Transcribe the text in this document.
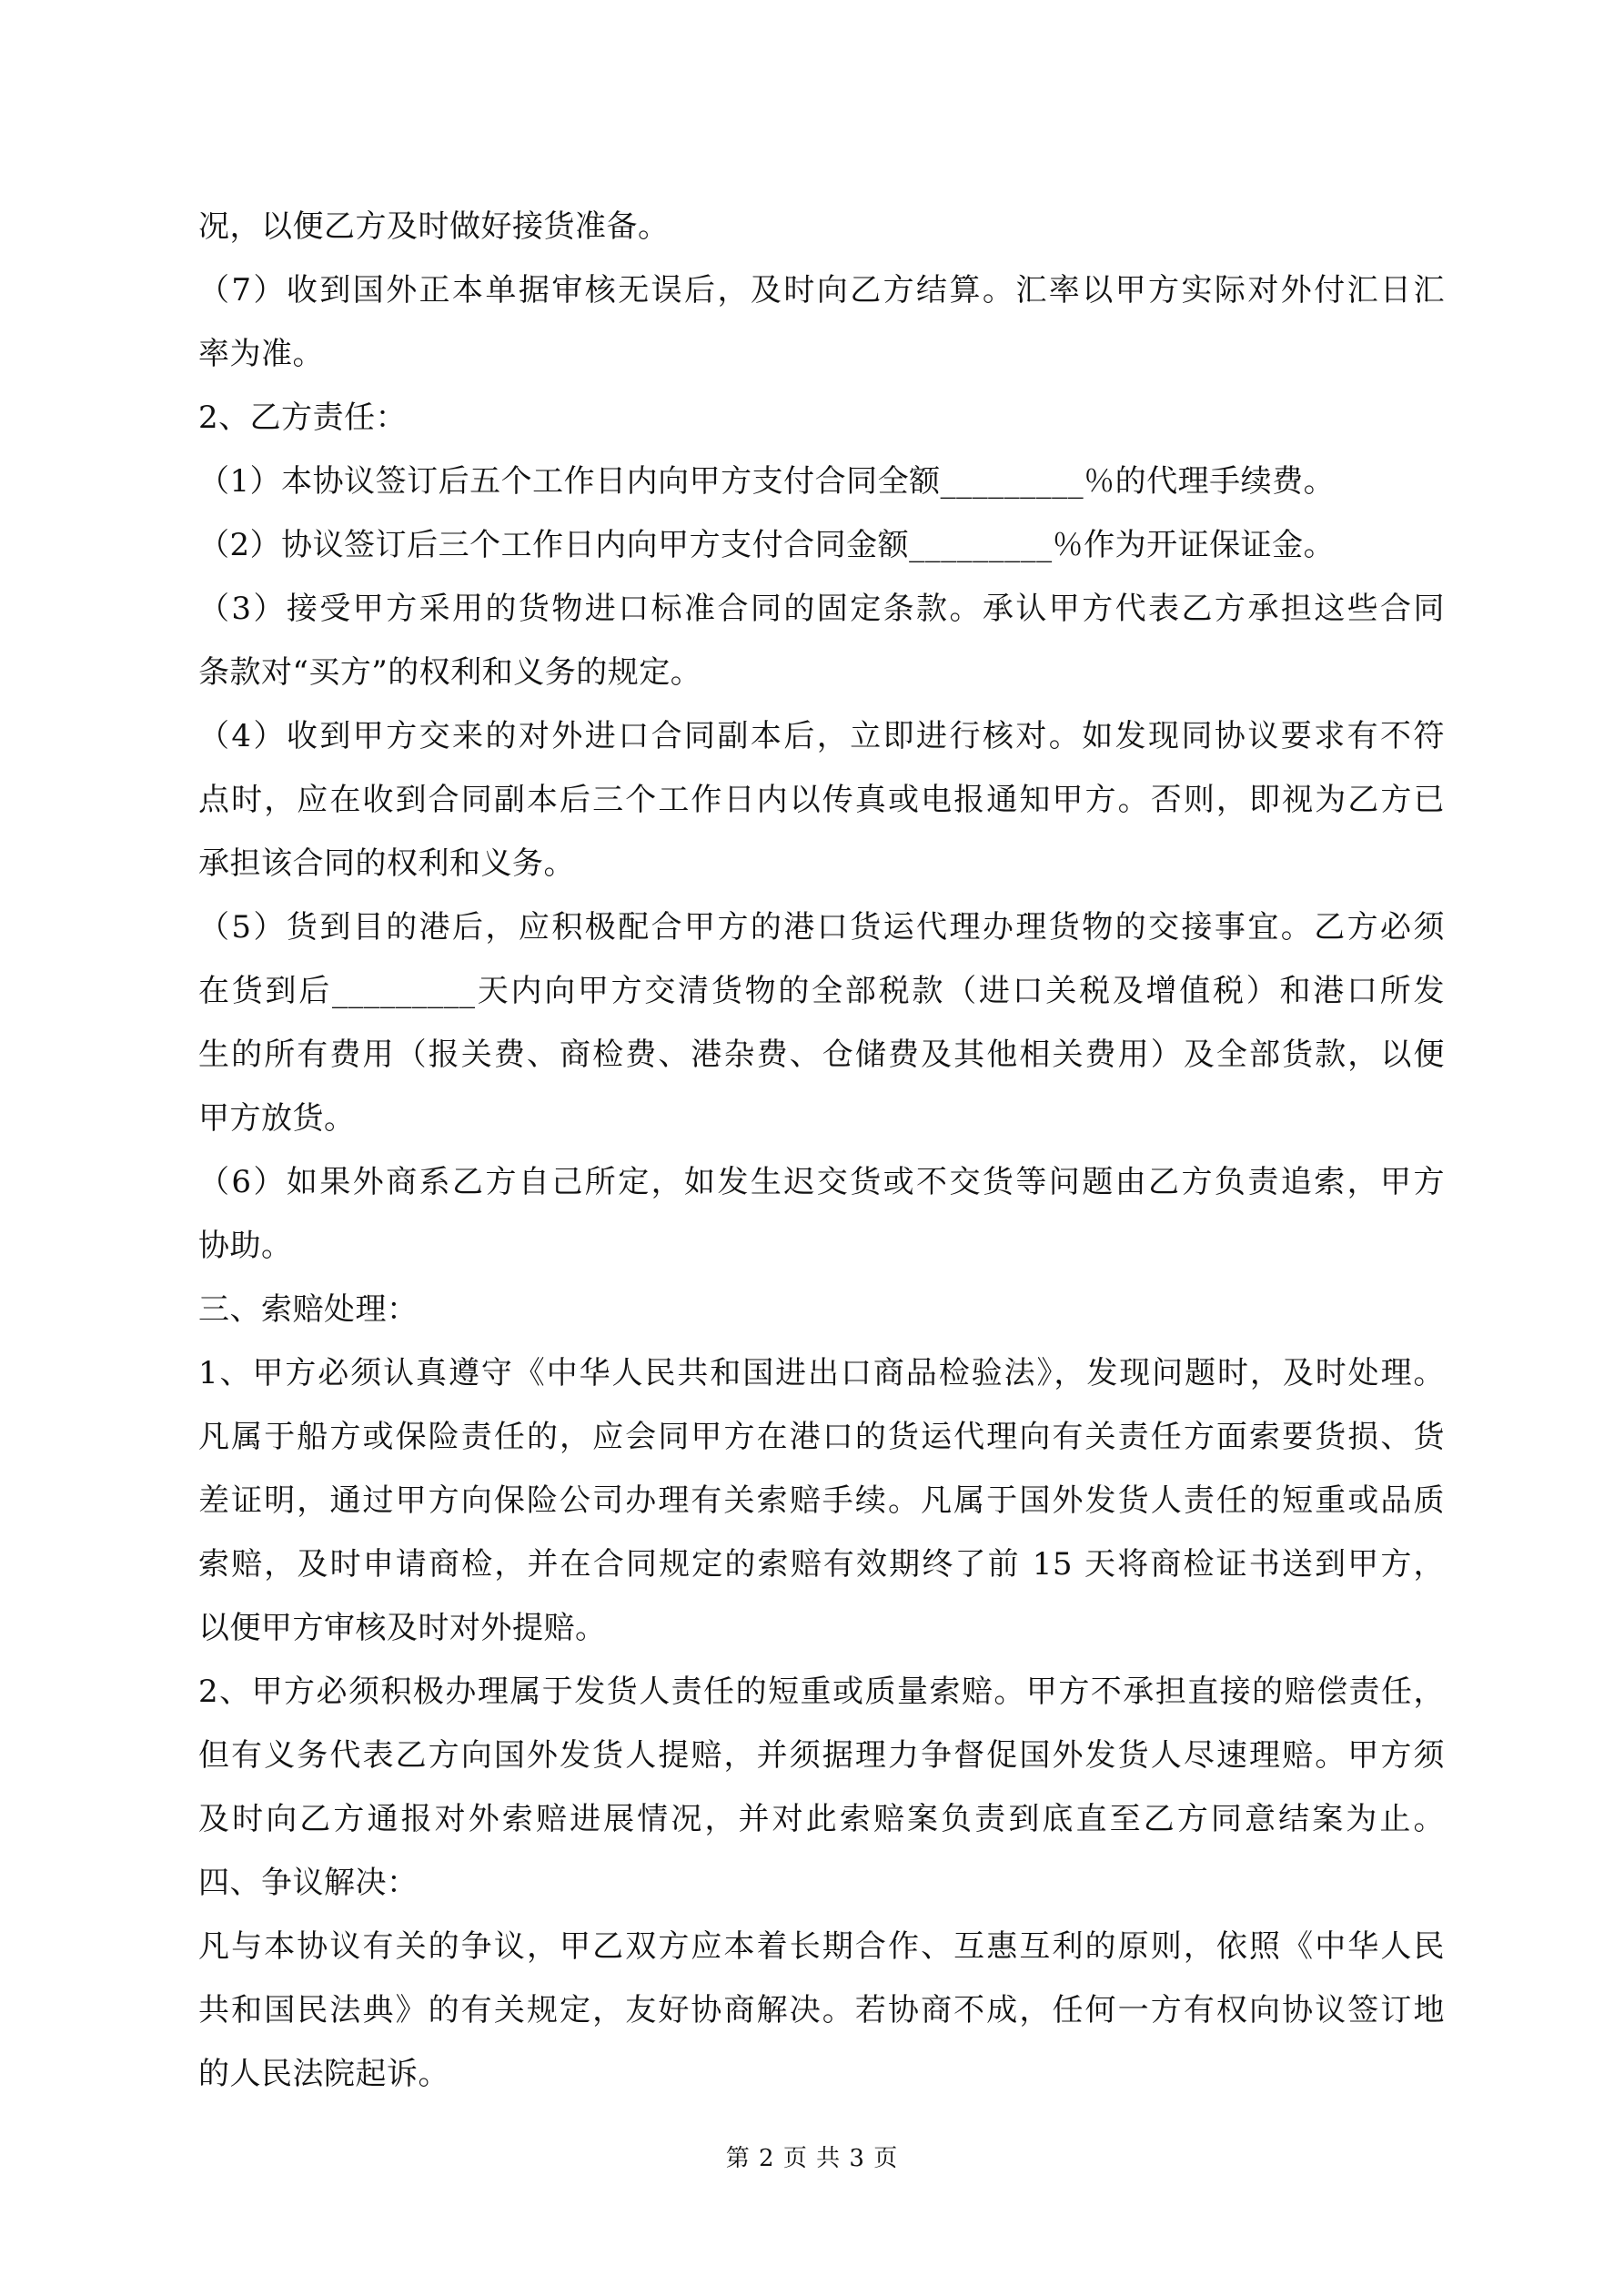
况，以便乙方及时做好接货准备。
（7）收到国外正本单据审核无误后，及时向乙方结算。汇率以甲方实际对外付汇日汇
率为准。
2、乙方责任：
（1）本协议签订后五个工作日内向甲方支付合同全额_________％的代理手续费。
（2）协议签订后三个工作日内向甲方支付合同金额_________％作为开证保证金。
（3）接受甲方采用的货物进口标准合同的固定条款。承认甲方代表乙方承担这些合同
条款对“买方”的权利和义务的规定。
（4）收到甲方交来的对外进口合同副本后，立即进行核对。如发现同协议要求有不符
点时，应在收到合同副本后三个工作日内以传真或电报通知甲方。否则，即视为乙方已
承担该合同的权利和义务。
（5）货到目的港后，应积极配合甲方的港口货运代理办理货物的交接事宜。乙方必须
在货到后_________天内向甲方交清货物的全部税款（进口关税及增值税）和港口所发
生的所有费用（报关费、商检费、港杂费、仓储费及其他相关费用）及全部货款，以便
甲方放货。
（6）如果外商系乙方自己所定，如发生迟交货或不交货等问题由乙方负责追索，甲方
协助。
三、索赔处理：
1、甲方必须认真遵守《中华人民共和国进出口商品检验法》，发现问题时，及时处理。
凡属于船方或保险责任的，应会同甲方在港口的货运代理向有关责任方面索要货损、货
差证明，通过甲方向保险公司办理有关索赔手续。凡属于国外发货人责任的短重或品质
索赔，及时申请商检，并在合同规定的索赔有效期终了前 15 天将商检证书送到甲方，
以便甲方审核及时对外提赔。
2、甲方必须积极办理属于发货人责任的短重或质量索赔。甲方不承担直接的赔偿责任，
但有义务代表乙方向国外发货人提赔，并须据理力争督促国外发货人尽速理赔。甲方须
及时向乙方通报对外索赔进展情况，并对此索赔案负责到底直至乙方同意结案为止。
四、争议解决：
凡与本协议有关的争议，甲乙双方应本着长期合作、互惠互利的原则，依照《中华人民
共和国民法典》的有关规定，友好协商解决。若协商不成，任何一方有权向协议签订地
的人民法院起诉。
第 2 页 共 3 页
